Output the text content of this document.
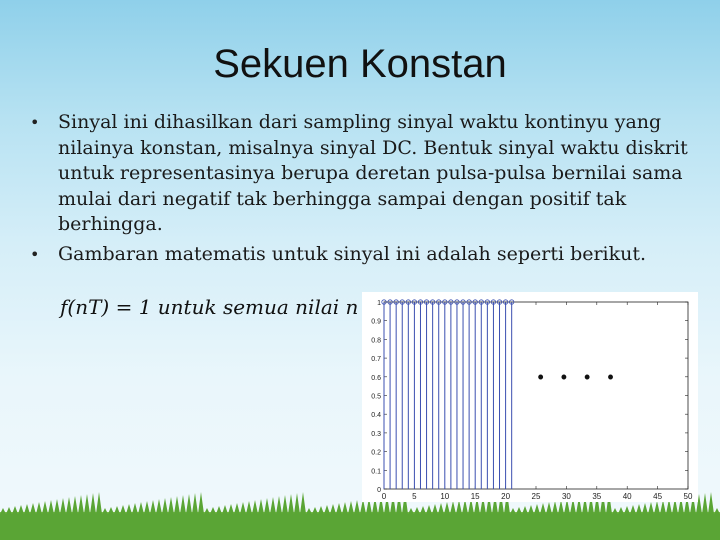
Sekuen Konstan
• Sinyal ini dihasilkan dari sampling sinyal waktu kontinyu yang nilainya konstan, misalnya sinyal DC. Bentuk sinyal waktu diskrit untuk representasinya berupa deretan pulsa-pulsa bernilai sama mulai dari negatif tak berhingga sampai dengan positif tak berhingga.
• Gambaran matematis untuk sinyal ini adalah seperti berikut.
f(nT) = 1 untuk semua nilai n
0	5	10	15	20	25	30	35	40	45	50
0
0.1
0.2
0.3
0.4
0.5
0.6
0.7
0.8
0.9
1
• • • •
